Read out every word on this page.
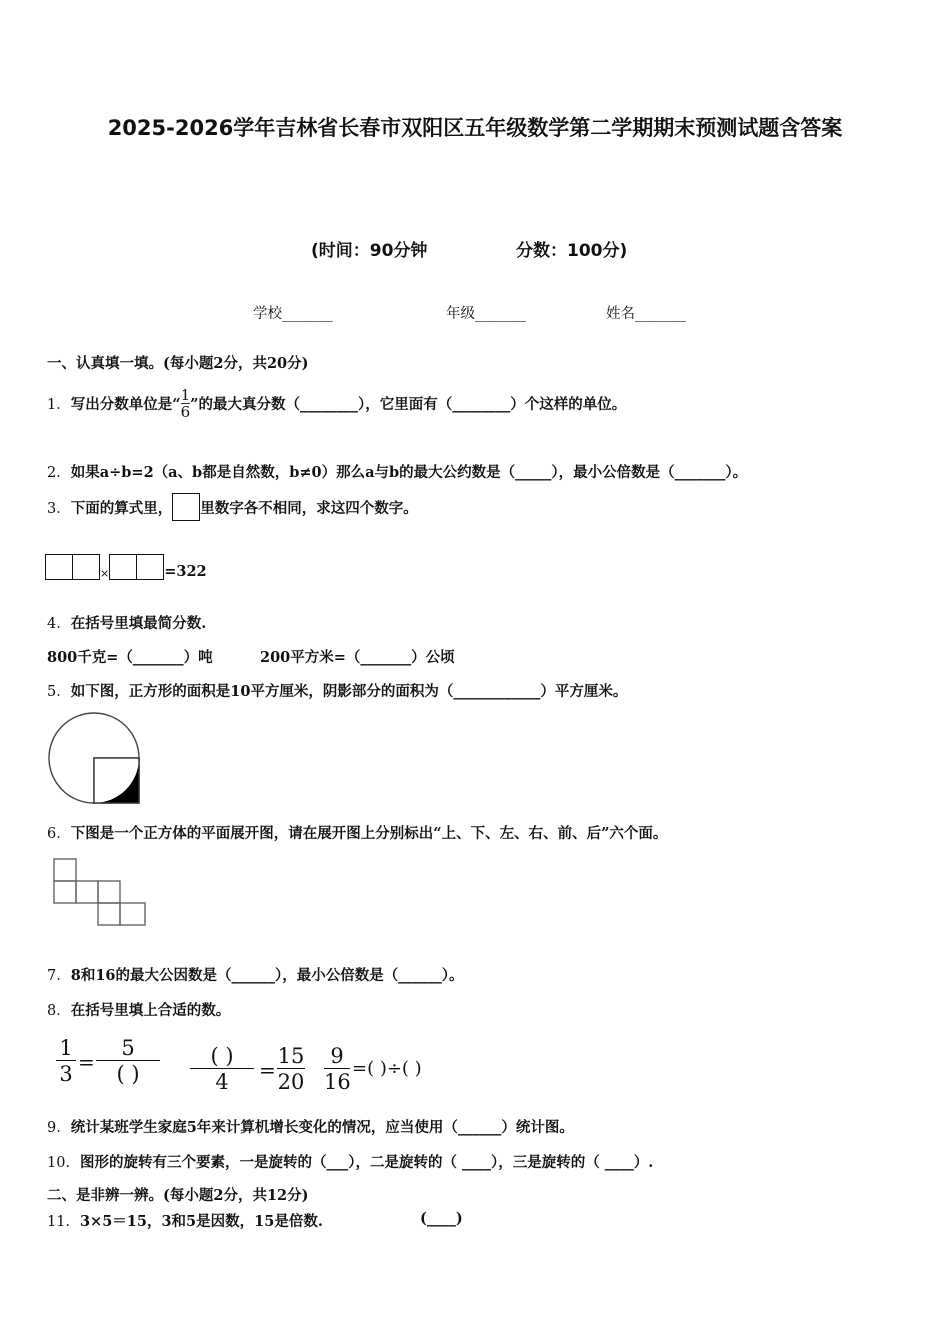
2025-2026学年吉林省长春市双阳区五年级数学第二学期期末预测试题含答案
(时间：90分钟	分数：100分)
学校_______	年级_______	姓名_______
一、认真填一填。(每小题2分，共20分)
1． 写出分数单位是“ $\frac{1}{6}$ ”的最大真分数（________），它里面有（________）个这样的单位。
2．如果a÷b=2（a、b都是自然数，b≠0）那么a与b的最大公约数是（_____），最小公倍数是（_______）。
3． 下面的算式里， 里数字各不相同，求这四个数字。
×	=322
4．在括号里填最简分数.
800千克=（_______）吨	200平方米=（_______）公顷
5．如下图，正方形的面积是10平方厘米，阴影部分的面积为（____________）平方厘米。
6．下图是一个正方体的平面展开图，请在展开图上分别标出“上、下、左、右、前、后”六个面。
7．8和16的最大公因数是（______），最小公倍数是（______）。
8．在括号里填上合适的数。
$\frac{1}{3}$ =
5
( )
( )
4	= $\frac{15}{20} \frac{9}{16}$ =( )÷( )
9．统计某班学生家庭5年来计算机增长变化的情况，应当使用（______）统计图。
10．图形的旋转有三个要素，一是旋转的（___），二是旋转的（ ____），三是旋转的（ ____）.
二、是非辨一辨。(每小题2分，共12分)
11．3×5＝15，3和5是因数，15是倍数.	(____)
